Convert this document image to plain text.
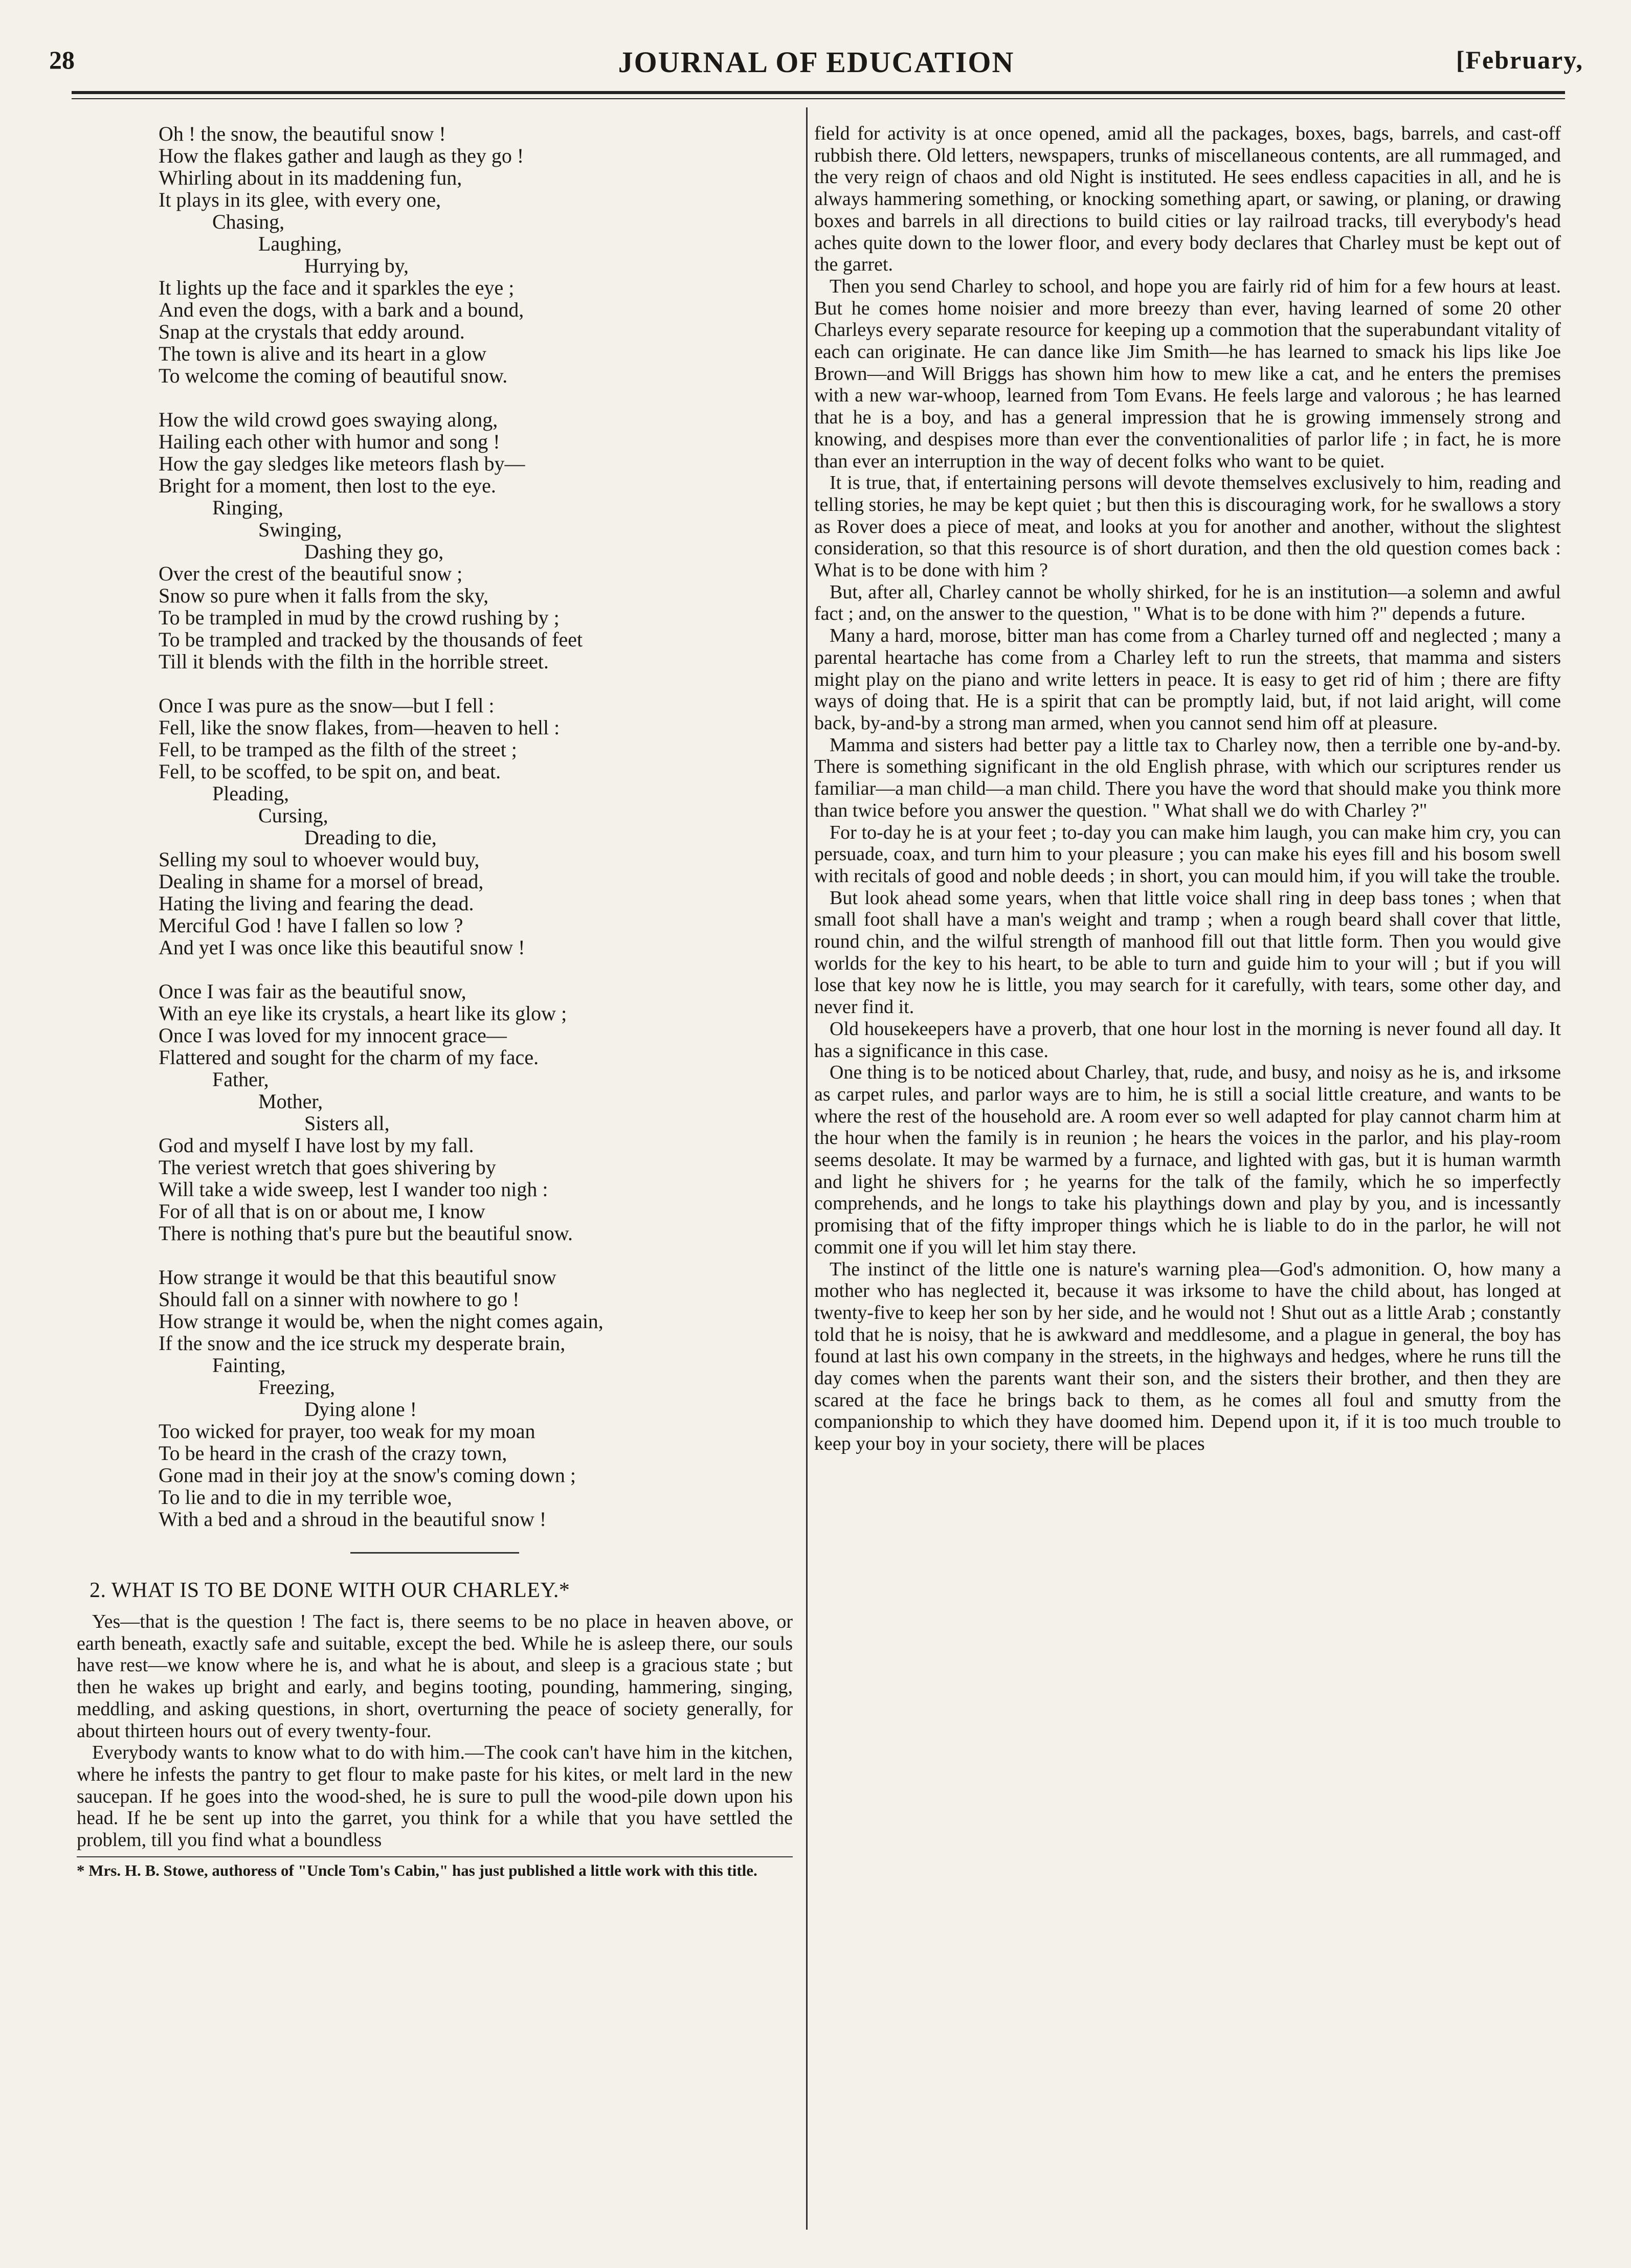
28	JOURNAL OF EDUCATION	[February,
Oh ! the snow, the beautiful snow !
How the flakes gather and laugh as they go !
Whirling about in its maddening fun,
It plays in its glee, with every one,
Chasing,
Laughing,
Hurrying by,
It lights up the face and it sparkles the eye ;
And even the dogs, with a bark and a bound,
Snap at the crystals that eddy around.
The town is alive and its heart in a glow
To welcome the coming of beautiful snow.
How the wild crowd goes swaying along,
Hailing each other with humor and song !
How the gay sledges like meteors flash by—
Bright for a moment, then lost to the eye.
Ringing,
Swinging,
Dashing they go,
Over the crest of the beautiful snow ;
Snow so pure when it falls from the sky,
To be trampled in mud by the crowd rushing by ;
To be trampled and tracked by the thousands of feet
Till it blends with the filth in the horrible street.
Once I was pure as the snow—but I fell :
Fell, like the snow flakes, from—heaven to hell :
Fell, to be tramped as the filth of the street ;
Fell, to be scoffed, to be spit on, and beat.
Pleading,
Cursing,
Dreading to die,
Selling my soul to whoever would buy,
Dealing in shame for a morsel of bread,
Hating the living and fearing the dead.
Merciful God ! have I fallen so low ?
And yet I was once like this beautiful snow !
Once I was fair as the beautiful snow,
With an eye like its crystals, a heart like its glow ;
Once I was loved for my innocent grace—
Flattered and sought for the charm of my face.
Father,
Mother,
Sisters all,
God and myself I have lost by my fall.
The veriest wretch that goes shivering by
Will take a wide sweep, lest I wander too nigh :
For of all that is on or about me, I know
There is nothing that's pure but the beautiful snow.
How strange it would be that this beautiful snow
Should fall on a sinner with nowhere to go !
How strange it would be, when the night comes again,
If the snow and the ice struck my desperate brain,
Fainting,
Freezing,
Dying alone !
Too wicked for prayer, too weak for my moan
To be heard in the crash of the crazy town,
Gone mad in their joy at the snow's coming down ;
To lie and to die in my terrible woe,
With a bed and a shroud in the beautiful snow !
2. WHAT IS TO BE DONE WITH OUR CHARLEY.*

Yes—that is the question ! The fact is, there seems to be no place in heaven above, or earth beneath, exactly safe and suitable, except the bed. While he is asleep there, our souls have rest—we know where he is, and what he is about, and sleep is a gracious state ; but then he wakes up bright and early, and begins tooting, pounding, hammering, singing, meddling, and asking questions, in short, overturning the peace of society generally, for about thirteen hours out of every twenty-four.

Everybody wants to know what to do with him.—The cook can't have him in the kitchen, where he infests the pantry to get flour to make paste for his kites, or melt lard in the new saucepan. If he goes into the wood-shed, he is sure to pull the wood-pile down upon his head. If he be sent up into the garret, you think for a while that you have settled the problem, till you find what a boundless

* Mrs. H. B. Stowe, authoress of "Uncle Tom's Cabin," has just published a little work with this title.

field for activity is at once opened, amid all the packages, boxes, bags, barrels, and cast-off rubbish there. Old letters, newspapers, trunks of miscellaneous contents, are all rummaged, and the very reign of chaos and old Night is instituted. He sees endless capacities in all, and he is always hammering something, or knocking something apart, or sawing, or planing, or drawing boxes and barrels in all directions to build cities or lay railroad tracks, till everybody's head aches quite down to the lower floor, and every body declares that Charley must be kept out of the garret.

Then you send Charley to school, and hope you are fairly rid of him for a few hours at least. But he comes home noisier and more breezy than ever, having learned of some 20 other Charleys every separate resource for keeping up a commotion that the superabundant vitality of each can originate. He can dance like Jim Smith—he has learned to smack his lips like Joe Brown—and Will Briggs has shown him how to mew like a cat, and he enters the premises with a new war-whoop, learned from Tom Evans. He feels large and valorous ; he has learned that he is a boy, and has a general impression that he is growing immensely strong and knowing, and despises more than ever the conventionalities of parlor life ; in fact, he is more than ever an interruption in the way of decent folks who want to be quiet.

It is true, that, if entertaining persons will devote themselves exclusively to him, reading and telling stories, he may be kept quiet ; but then this is discouraging work, for he swallows a story as Rover does a piece of meat, and looks at you for another and another, without the slightest consideration, so that this resource is of short duration, and then the old question comes back : What is to be done with him ?

But, after all, Charley cannot be wholly shirked, for he is an institution—a solemn and awful fact ; and, on the answer to the question, " What is to be done with him ?" depends a future.

Many a hard, morose, bitter man has come from a Charley turned off and neglected ; many a parental heartache has come from a Charley left to run the streets, that mamma and sisters might play on the piano and write letters in peace. It is easy to get rid of him ; there are fifty ways of doing that. He is a spirit that can be promptly laid, but, if not laid aright, will come back, by-and-by a strong man armed, when you cannot send him off at pleasure.

Mamma and sisters had better pay a little tax to Charley now, then a terrible one by-and-by. There is something significant in the old English phrase, with which our scriptures render us familiar—a man child—a man child. There you have the word that should make you think more than twice before you answer the question. " What shall we do with Charley ?"

For to-day he is at your feet ; to-day you can make him laugh, you can make him cry, you can persuade, coax, and turn him to your pleasure ; you can make his eyes fill and his bosom swell with recitals of good and noble deeds ; in short, you can mould him, if you will take the trouble.

But look ahead some years, when that little voice shall ring in deep bass tones ; when that small foot shall have a man's weight and tramp ; when a rough beard shall cover that little, round chin, and the wilful strength of manhood fill out that little form. Then you would give worlds for the key to his heart, to be able to turn and guide him to your will ; but if you will lose that key now he is little, you may search for it carefully, with tears, some other day, and never find it.

Old housekeepers have a proverb, that one hour lost in the morning is never found all day. It has a significance in this case.

One thing is to be noticed about Charley, that, rude, and busy, and noisy as he is, and irksome as carpet rules, and parlor ways are to him, he is still a social little creature, and wants to be where the rest of the household are. A room ever so well adapted for play cannot charm him at the hour when the family is in reunion ; he hears the voices in the parlor, and his play-room seems desolate. It may be warmed by a furnace, and lighted with gas, but it is human warmth and light he shivers for ; he yearns for the talk of the family, which he so imperfectly comprehends, and he longs to take his playthings down and play by you, and is incessantly promising that of the fifty improper things which he is liable to do in the parlor, he will not commit one if you will let him stay there.

The instinct of the little one is nature's warning plea—God's admonition. O, how many a mother who has neglected it, because it was irksome to have the child about, has longed at twenty-five to keep her son by her side, and he would not ! Shut out as a little Arab ; constantly told that he is noisy, that he is awkward and meddlesome, and a plague in general, the boy has found at last his own company in the streets, in the highways and hedges, where he runs till the day comes when the parents want their son, and the sisters their brother, and then they are scared at the face he brings back to them, as he comes all foul and smutty from the companionship to which they have doomed him. Depend upon it, if it is too much trouble to keep your boy in your society, there will be places
